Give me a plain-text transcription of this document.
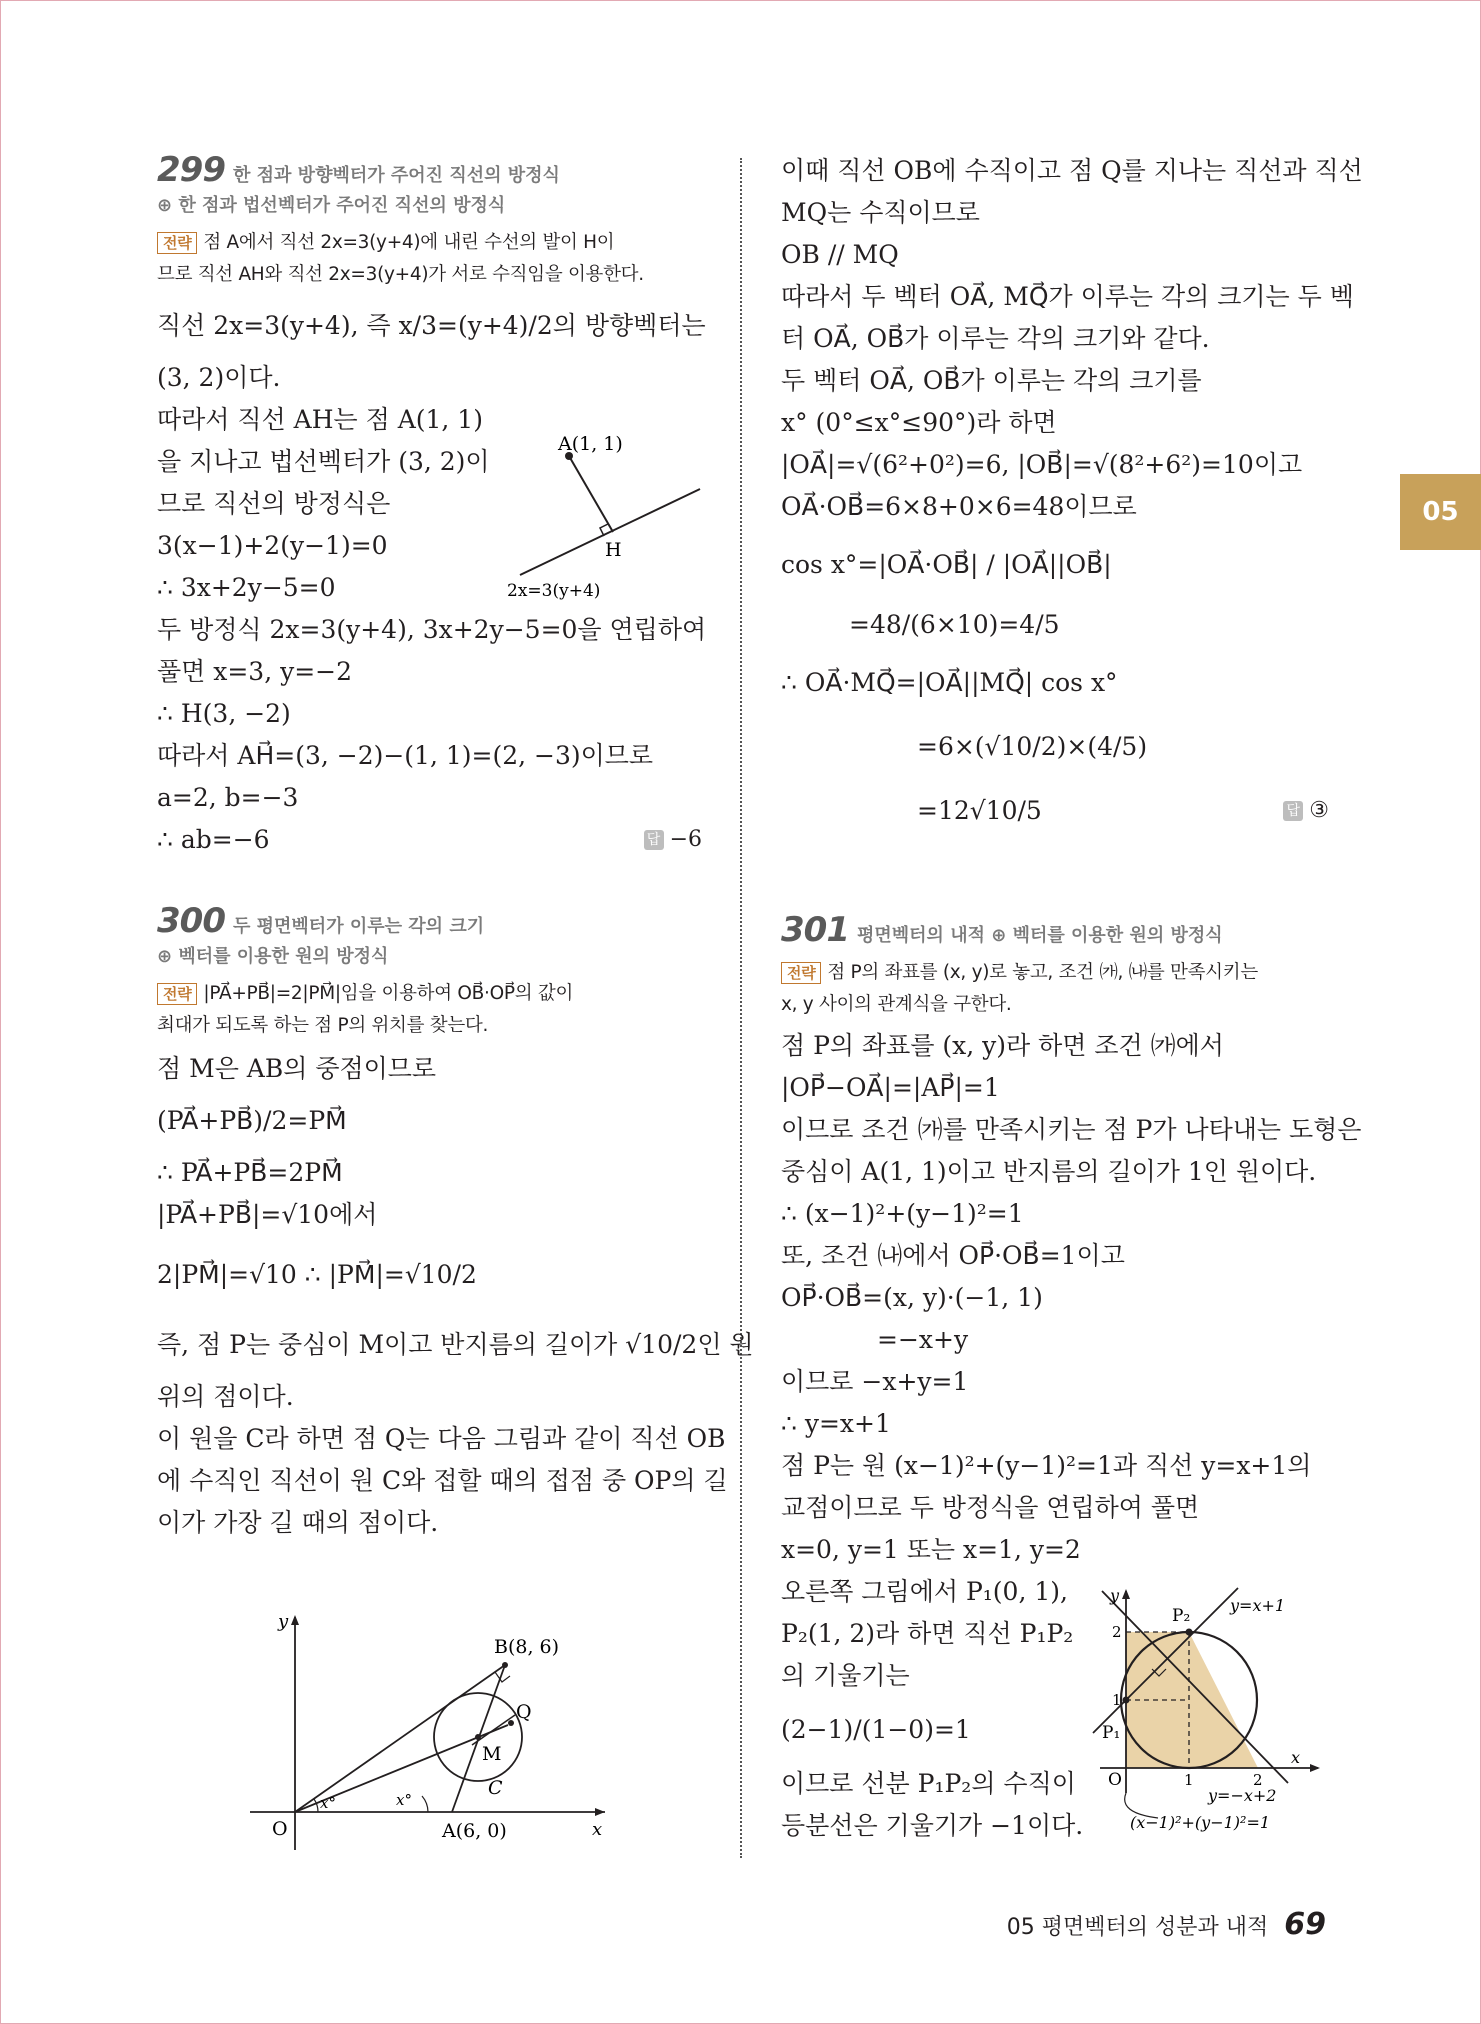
05
299 한 점과 방향벡터가 주어진 직선의 방정식
⊕ 한 점과 법선벡터가 주어진 직선의 방정식
전략 점 A에서 직선 2x=3(y+4)에 내린 수선의 발이 H이
므로 직선 AH와 직선 2x=3(y+4)가 서로 수직임을 이용한다.
직선 2x=3(y+4), 즉 x/3=(y+4)/2의 방향벡터는
(3, 2)이다.
따라서 직선 AH는 점 A(1, 1)
을 지나고 법선벡터가 (3, 2)이
므로 직선의 방정식은
3(x−1)+2(y−1)=0
∴ 3x+2y−5=0
두 방정식 2x=3(y+4), 3x+2y−5=0을 연립하여
풀면 x=3, y=−2
∴ H(3, −2)
따라서 AH⃗=(3, −2)−(1, 1)=(2, −3)이므로
a=2, b=−3
∴ ab=−6	답 −6
300 두 평면벡터가 이루는 각의 크기
⊕ 벡터를 이용한 원의 방정식
전략 |PA⃗+PB⃗|=2|PM⃗|임을 이용하여 OB⃗·OP⃗의 값이
최대가 되도록 하는 점 P의 위치를 찾는다.
점 M은 AB의 중점이므로
(PA⃗+PB⃗)/2=PM⃗
∴ PA⃗+PB⃗=2PM⃗
|PA⃗+PB⃗|=√10에서
2|PM⃗|=√10 ∴ |PM⃗|=√10/2
즉, 점 P는 중심이 M이고 반지름의 길이가 √10/2인 원
위의 점이다.
이 원을 C라 하면 점 Q는 다음 그림과 같이 직선 OB
에 수직인 직선이 원 C와 접할 때의 접점 중 OP의 길
이가 가장 길 때의 점이다.
A(1, 1)
H
2x=3(y+4)
y
x
O
B(8, 6)
Q
M
C
A(6, 0)
x°	x°
이때 직선 OB에 수직이고 점 Q를 지나는 직선과 직선
MQ는 수직이므로
OB // MQ
따라서 두 벡터 OA⃗, MQ⃗가 이루는 각의 크기는 두 벡
터 OA⃗, OB⃗가 이루는 각의 크기와 같다.
두 벡터 OA⃗, OB⃗가 이루는 각의 크기를
x° (0°≤x°≤90°)라 하면
|OA⃗|=√(6²+0²)=6, |OB⃗|=√(8²+6²)=10이고
OA⃗·OB⃗=6×8+0×6=48이므로
cos x°=|OA⃗·OB⃗| / |OA⃗||OB⃗|
=48/(6×10)=4/5
∴ OA⃗·MQ⃗=|OA⃗||MQ⃗| cos x°
=6×(√10/2)×(4/5)
=12√10/5	답 ③
301 평면벡터의 내적 ⊕ 벡터를 이용한 원의 방정식
전략 점 P의 좌표를 (x, y)로 놓고, 조건 ㈎, ㈏를 만족시키는
x, y 사이의 관계식을 구한다.
점 P의 좌표를 (x, y)라 하면 조건 ㈎에서
|OP⃗−OA⃗|=|AP⃗|=1
이므로 조건 ㈎를 만족시키는 점 P가 나타내는 도형은
중심이 A(1, 1)이고 반지름의 길이가 1인 원이다.
∴ (x−1)²+(y−1)²=1
또, 조건 ㈏에서 OP⃗·OB⃗=1이고
OP⃗·OB⃗=(x, y)·(−1, 1)
=−x+y
이므로 −x+y=1
∴ y=x+1
점 P는 원 (x−1)²+(y−1)²=1과 직선 y=x+1의
교점이므로 두 방정식을 연립하여 풀면
x=0, y=1 또는 x=1, y=2
오른쪽 그림에서 P₁(0, 1),
P₂(1, 2)라 하면 직선 P₁P₂
의 기울기는
(2−1)/(1−0)=1
이므로 선분 P₁P₂의 수직이
등분선은 기울기가 −1이다.
y
x
O	1	2
1
2
P₁
P₂
y=x+1
y=−x+2
(x−1)²+(y−1)²=1
05 평면벡터의 성분과 내적 69
